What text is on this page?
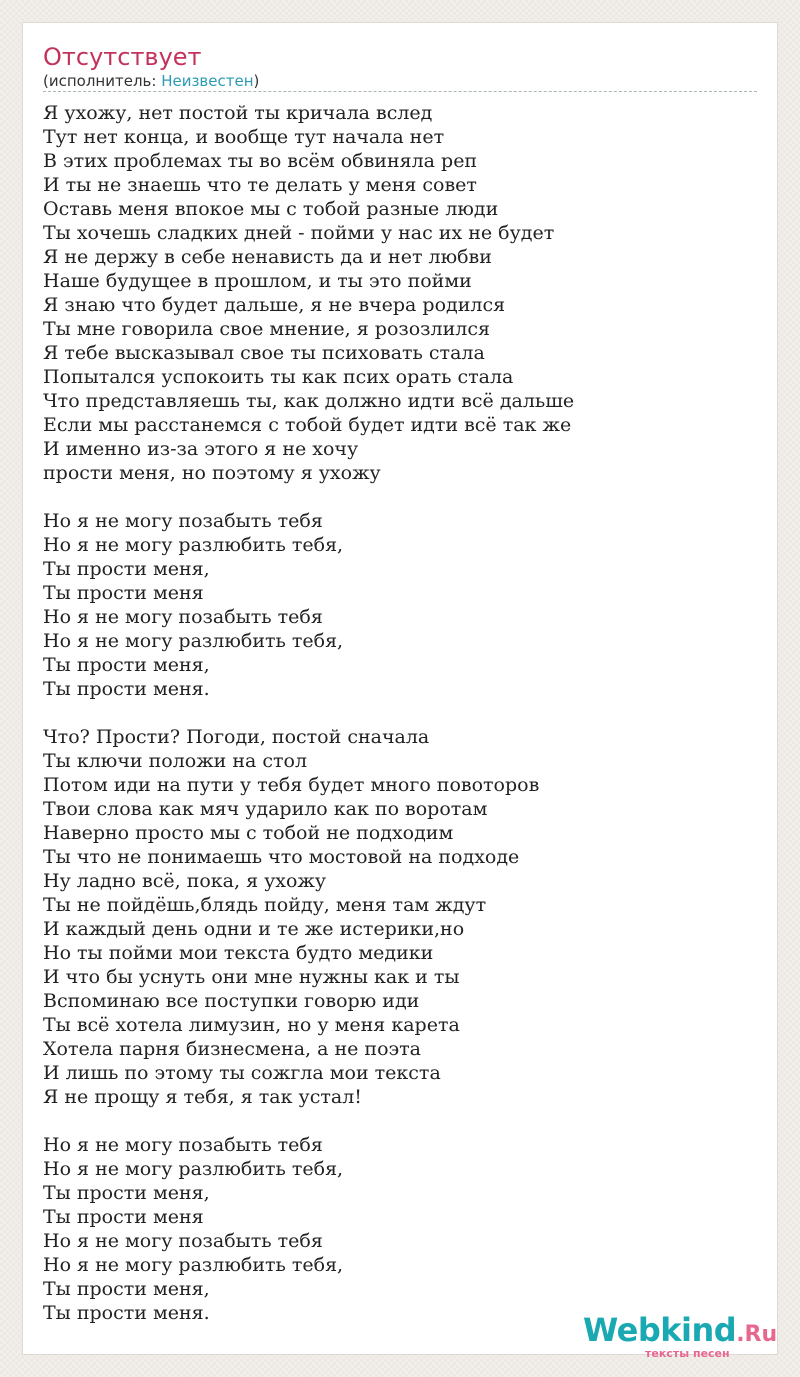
Отсутствует
(исполнитель: Неизвестен)
Я ухожу, нет постой ты кричала вслед
Тут нет конца, и вообще тут начала нет
В этих проблемах ты во всём обвиняла реп
И ты не знаешь что те делать у меня совет
Оставь меня впокое мы с тобой разные люди
Ты хочешь сладких дней - пойми у нас их не будет
Я не держу в себе ненависть да и нет любви
Наше будущее в прошлом, и ты это пойми
Я знаю что будет дальше, я не вчера родился
Ты мне говорила свое мнение, я розозлился
Я тебе высказывал свое ты психовать стала
Попытался успокоить ты как псих орать стала
Что представляешь ты, как должно идти всё дальше
Если мы расстанемся с тобой будет идти всё так же
И именно из-за этого я не хочу
прости меня, но поэтому я ухожу
Но я не могу позабыть тебя
Но я не могу разлюбить тебя,
Ты прости меня,
Ты прости меня
Но я не могу позабыть тебя
Но я не могу разлюбить тебя,
Ты прости меня,
Ты прости меня.
Что? Прости? Погоди, постой сначала
Ты ключи положи на стол
Потом иди на пути у тебя будет много повоторов
Твои слова как мяч ударило как по воротам
Наверно просто мы с тобой не подходим
Ты что не понимаешь что мостовой на подходе
Ну ладно всё, пока, я ухожу
Ты не пойдёшь,блядь пойду, меня там ждут
И каждый день одни и те же истерики,но
Но ты пойми мои текста будто медики
И что бы уснуть они мне нужны как и ты
Вспоминаю все поступки говорю иди
Ты всё хотела лимузин, но у меня карета
Хотела парня бизнесмена, а не поэта
И лишь по этому ты сожгла мои текста
Я не прощу я тебя, я так устал!
Но я не могу позабыть тебя
Но я не могу разлюбить тебя,
Ты прости меня,
Ты прости меня
Но я не могу позабыть тебя
Но я не могу разлюбить тебя,
Ты прости меня,
Ты прости меня.	Webkind.Ru
тексты песен
